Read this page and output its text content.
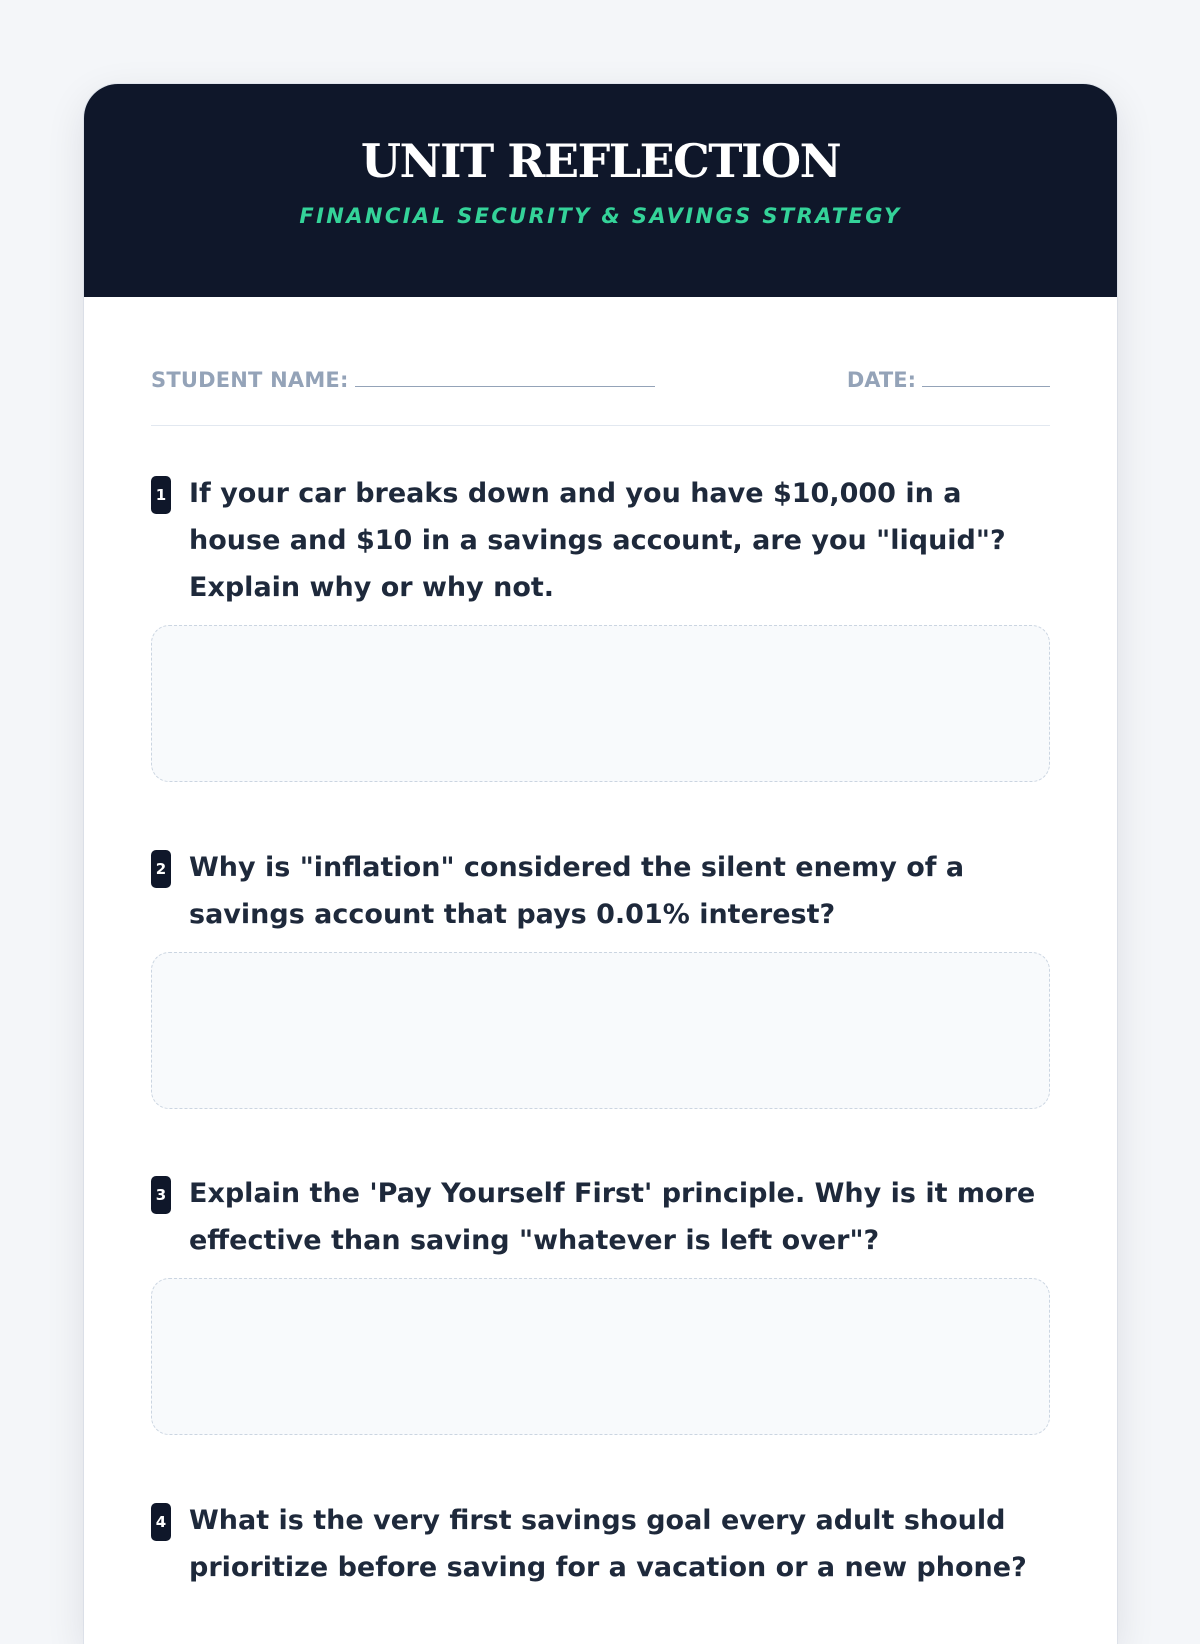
UNIT REFLECTION
FINANCIAL SECURITY & SAVINGS STRATEGY
STUDENT NAME:	DATE:
1 If your car breaks down and you have $10,000 in a house and $10 in a savings account, are you "liquid"? Explain why or why not.
2 Why is "inflation" considered the silent enemy of a savings account that pays 0.01% interest?
3 Explain the 'Pay Yourself First' principle. Why is it more effective than saving "whatever is left over"?
4 What is the very first savings goal every adult should prioritize before saving for a vacation or a new phone?
